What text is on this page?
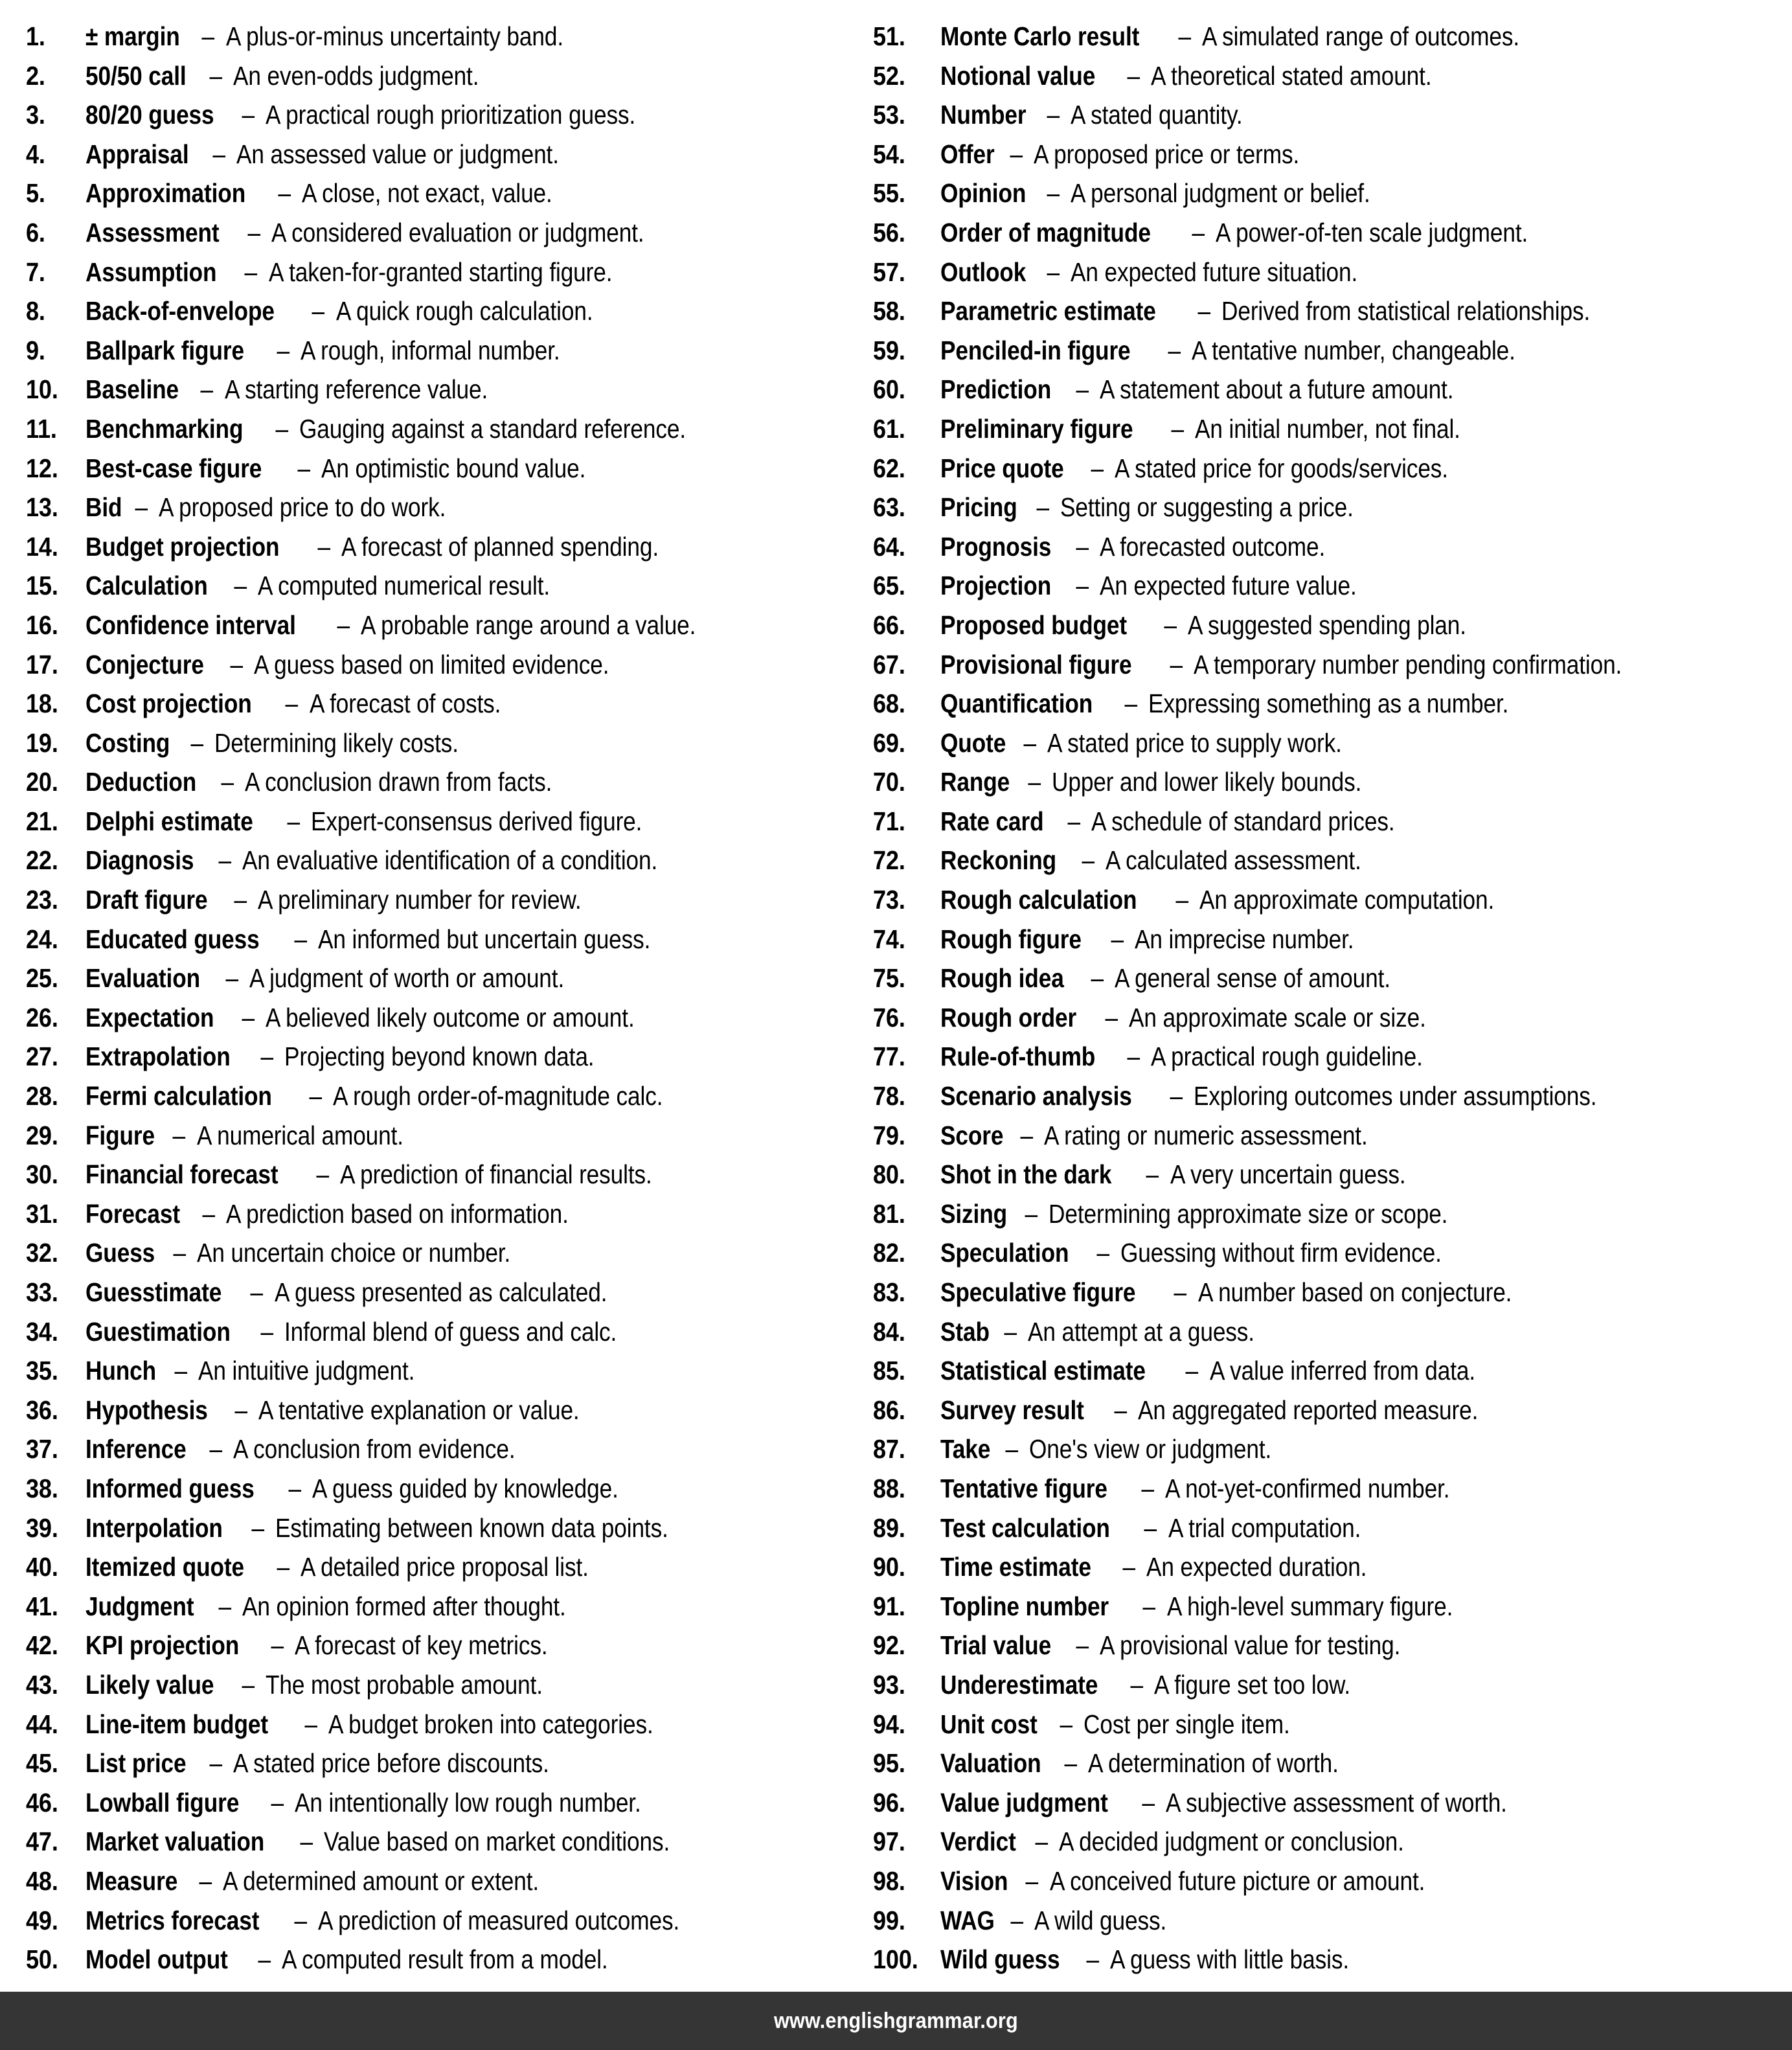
1.	± margin – A plus-or-minus uncertainty band.
2.	50/50 call – An even-odds judgment.
3.	80/20 guess – A practical rough prioritization guess.
4.	Appraisal – An assessed value or judgment.
5.	Approximation – A close, not exact, value.
6.	Assessment – A considered evaluation or judgment.
7.	Assumption – A taken-for-granted starting figure.
8.	Back-of-envelope – A quick rough calculation.
9.	Ballpark figure – A rough, informal number.
10.	Baseline – A starting reference value.
11.	Benchmarking – Gauging against a standard reference.
12.	Best-case figure – An optimistic bound value.
13.	Bid – A proposed price to do work.
14.	Budget projection – A forecast of planned spending.
15.	Calculation – A computed numerical result.
16.	Confidence interval – A probable range around a value.
17.	Conjecture – A guess based on limited evidence.
18.	Cost projection – A forecast of costs.
19.	Costing – Determining likely costs.
20.	Deduction – A conclusion drawn from facts.
21.	Delphi estimate – Expert-consensus derived figure.
22.	Diagnosis – An evaluative identification of a condition.
23.	Draft figure – A preliminary number for review.
24.	Educated guess – An informed but uncertain guess.
25.	Evaluation – A judgment of worth or amount.
26.	Expectation – A believed likely outcome or amount.
27.	Extrapolation – Projecting beyond known data.
28.	Fermi calculation – A rough order-of-magnitude calc.
29.	Figure – A numerical amount.
30.	Financial forecast – A prediction of financial results.
31.	Forecast – A prediction based on information.
32.	Guess – An uncertain choice or number.
33.	Guesstimate – A guess presented as calculated.
34.	Guestimation – Informal blend of guess and calc.
35.	Hunch – An intuitive judgment.
36.	Hypothesis – A tentative explanation or value.
37.	Inference – A conclusion from evidence.
38.	Informed guess – A guess guided by knowledge.
39.	Interpolation – Estimating between known data points.
40.	Itemized quote – A detailed price proposal list.
41.	Judgment – An opinion formed after thought.
42.	KPI projection – A forecast of key metrics.
43.	Likely value – The most probable amount.
44.	Line-item budget – A budget broken into categories.
45.	List price – A stated price before discounts.
46.	Lowball figure – An intentionally low rough number.
47.	Market valuation – Value based on market conditions.
48.	Measure – A determined amount or extent.
49.	Metrics forecast – A prediction of measured outcomes.
50.	Model output – A computed result from a model.
51.	Monte Carlo result – A simulated range of outcomes.
52.	Notional value – A theoretical stated amount.
53.	Number – A stated quantity.
54.	Offer – A proposed price or terms.
55.	Opinion – A personal judgment or belief.
56.	Order of magnitude – A power-of-ten scale judgment.
57.	Outlook – An expected future situation.
58.	Parametric estimate – Derived from statistical relationships.
59.	Penciled-in figure – A tentative number, changeable.
60.	Prediction – A statement about a future amount.
61.	Preliminary figure – An initial number, not final.
62.	Price quote – A stated price for goods/services.
63.	Pricing – Setting or suggesting a price.
64.	Prognosis – A forecasted outcome.
65.	Projection – An expected future value.
66.	Proposed budget – A suggested spending plan.
67.	Provisional figure – A temporary number pending confirmation.
68.	Quantification – Expressing something as a number.
69.	Quote – A stated price to supply work.
70.	Range – Upper and lower likely bounds.
71.	Rate card – A schedule of standard prices.
72.	Reckoning – A calculated assessment.
73.	Rough calculation – An approximate computation.
74.	Rough figure – An imprecise number.
75.	Rough idea – A general sense of amount.
76.	Rough order – An approximate scale or size.
77.	Rule-of-thumb – A practical rough guideline.
78.	Scenario analysis – Exploring outcomes under assumptions.
79.	Score – A rating or numeric assessment.
80.	Shot in the dark – A very uncertain guess.
81.	Sizing – Determining approximate size or scope.
82.	Speculation – Guessing without firm evidence.
83.	Speculative figure – A number based on conjecture.
84.	Stab – An attempt at a guess.
85.	Statistical estimate – A value inferred from data.
86.	Survey result – An aggregated reported measure.
87.	Take – One's view or judgment.
88.	Tentative figure – A not-yet-confirmed number.
89.	Test calculation – A trial computation.
90.	Time estimate – An expected duration.
91.	Topline number – A high-level summary figure.
92.	Trial value – A provisional value for testing.
93.	Underestimate – A figure set too low.
94.	Unit cost – Cost per single item.
95.	Valuation – A determination of worth.
96.	Value judgment – A subjective assessment of worth.
97.	Verdict – A decided judgment or conclusion.
98.	Vision – A conceived future picture or amount.
99.	WAG – A wild guess.
100. Wild guess – A guess with little basis.
www.englishgrammar.org
